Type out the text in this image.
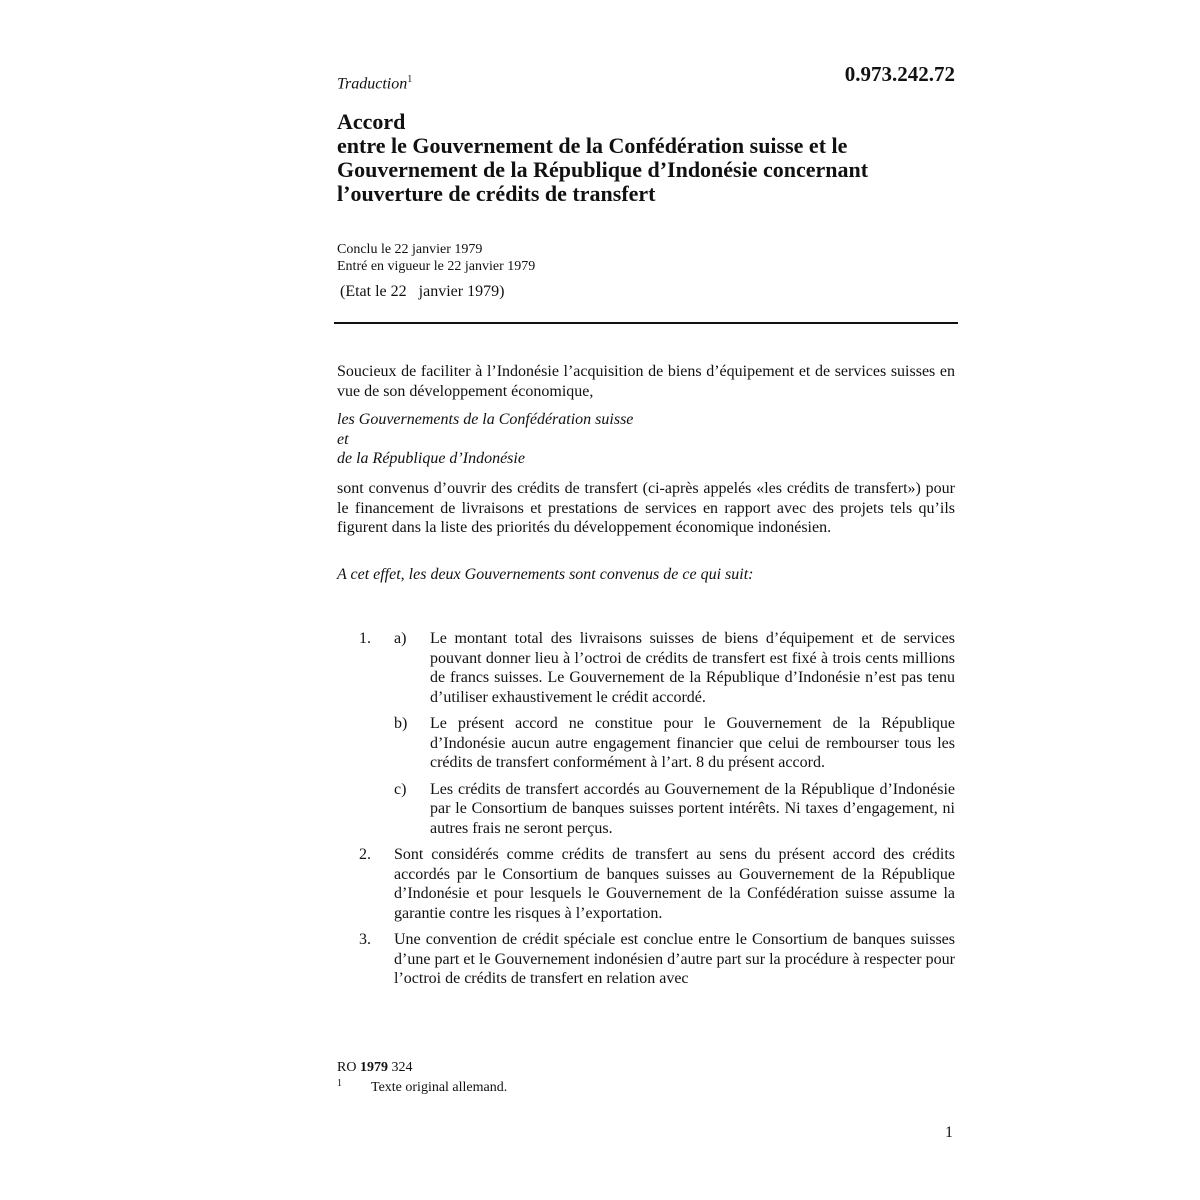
Traduction$^1$	0.973.242.72
Accord
entre le Gouvernement de la Confédération suisse et le
Gouvernement de la République d’Indonésie concernant
l’ouverture de crédits de transfert
Conclu le 22 janvier 1979
Entré en vigueur le 22 janvier 1979
(Etat le 22   janvier 1979)
Soucieux de faciliter à l’Indonésie l’acquisition de biens d’équipement et de services suisses en vue de son développement économique,
les Gouvernements de la Confédération suisse
et
de la République d’Indonésie
sont convenus d’ouvrir des crédits de transfert (ci-après appelés «les crédits de transfert») pour le financement de livraisons et prestations de services en rapport avec des projets tels qu’ils figurent dans la liste des priorités du développement économique indonésien.
A cet effet, les deux Gouvernements sont convenus de ce qui suit:
1. a) Le montant total des livraisons suisses de biens d’équipement et de services pouvant donner lieu à l’octroi de crédits de transfert est fixé à trois cents millions de francs suisses. Le Gouvernement de la République d’Indonésie n’est pas tenu d’utiliser exhaustivement le crédit accordé.
b) Le présent accord ne constitue pour le Gouvernement de la République d’Indonésie aucun autre engagement financier que celui de rembourser tous les crédits de transfert conformément à l’art. 8 du présent accord.
c) Les crédits de transfert accordés au Gouvernement de la République d’Indonésie par le Consortium de banques suisses portent intérêts. Ni taxes d’engagement, ni autres frais ne seront perçus.
2. Sont considérés comme crédits de transfert au sens du présent accord des crédits accordés par le Consortium de banques suisses au Gouvernement de la République d’Indonésie et pour lesquels le Gouvernement de la Confédération suisse assume la garantie contre les risques à l’exportation.
3. Une convention de crédit spéciale est conclue entre le Consortium de banques suisses d’une part et le Gouvernement indonésien d’autre part sur la procédure à respecter pour l’octroi de crédits de transfert en relation avec
RO 1979 324
1 Texte original allemand.
1
